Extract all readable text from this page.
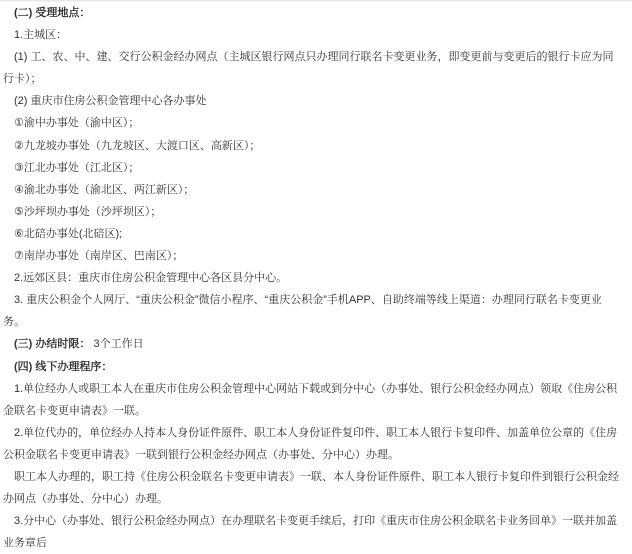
(二) 受理地点：

1.主城区：

(1) 工、农、中、建、交行公积金经办网点（主城区银行网点只办理同行联名卡变更业务，即变更前与变更后的银行卡应为同行卡）；

(2) 重庆市住房公积金管理中心各办事处

①渝中办事处（渝中区）；

②九龙坡办事处（九龙坡区、大渡口区、高新区）；

③江北办事处（江北区）；

④渝北办事处（渝北区、两江新区）；

⑤沙坪坝办事处（沙坪坝区）；

⑥北碚办事处(北碚区);

⑦南岸办事处（南岸区、巴南区）；

2.远郊区县：重庆市住房公积金管理中心各区县分中心。

3. 重庆公积金个人网厅、“重庆公积金”微信小程序、“重庆公积金”手机APP、自助终端等线上渠道：办理同行联名卡变更业务。

(三) 办结时限： 3个工作日

(四) 线下办理程序：

1.单位经办人或职工本人在重庆市住房公积金管理中心网站下载或到分中心（办事处、银行公积金经办网点）领取《住房公积金联名卡变更申请表》一联。

2.单位代办的，单位经办人持本人身份证件原件、职工本人身份证件复印件、职工本人银行卡复印件、加盖单位公章的《住房公积金联名卡变更申请表》一联到银行公积金经办网点（办事处、分中心）办理。

职工本人办理的，职工持《住房公积金联名卡变更申请表》一联、本人身份证件原件、职工本人银行卡复印件到银行公积金经办网点（办事处、分中心）办理。

3.分中心（办事处、银行公积金经办网点）在办理联名卡变更手续后，打印《重庆市住房公积金联名卡业务回单》一联并加盖业务章后
